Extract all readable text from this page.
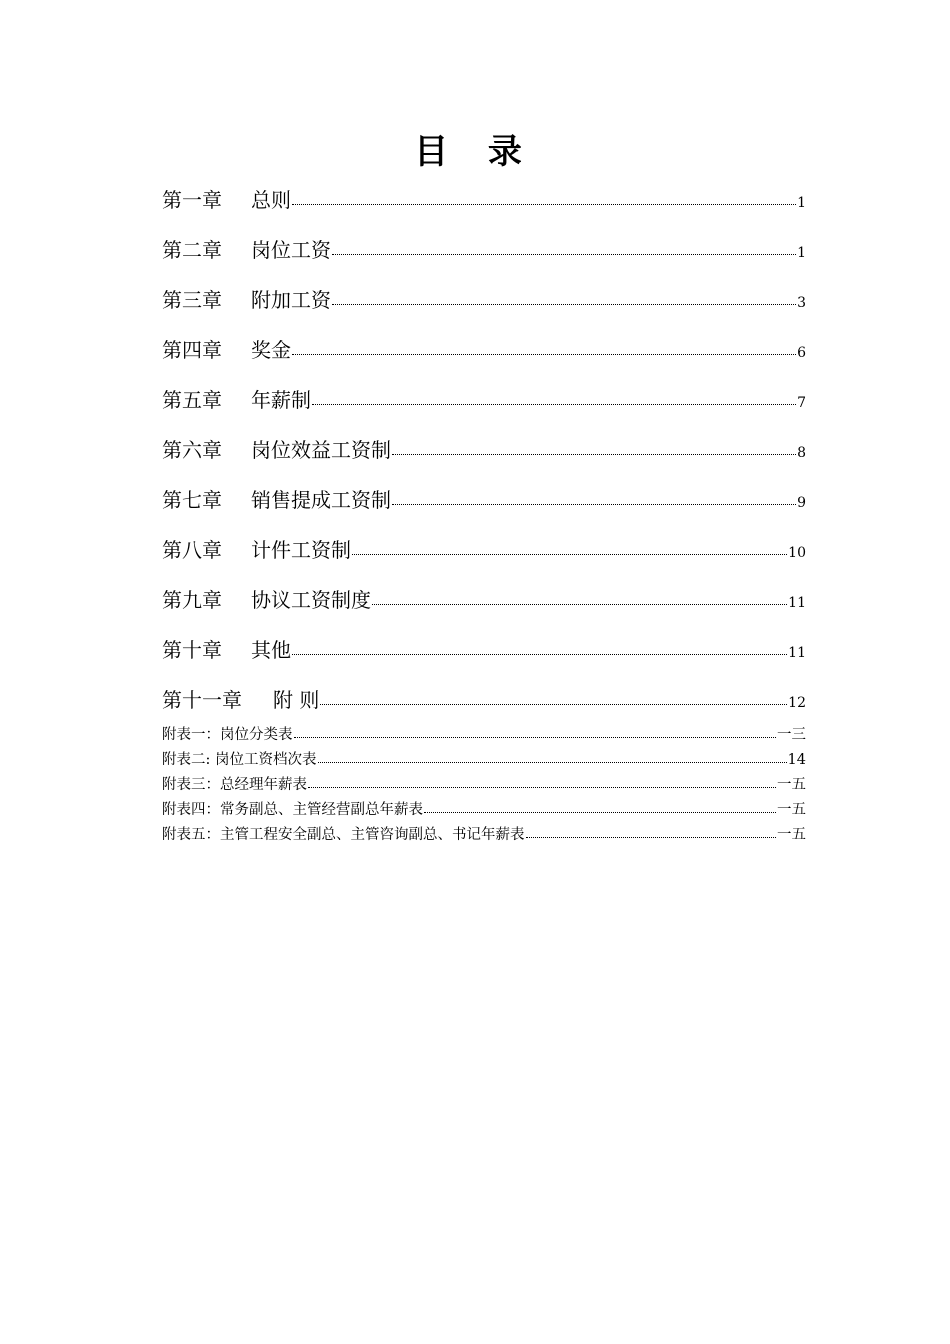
目 录
第一章	总则	1
第二章	岗位工资	1
第三章	附加工资	3
第四章	奖金	6
第五章	年薪制	7
第六章	岗位效益工资制	8
第七章	销售提成工资制	9
第八章	计件工资制	10
第九章	协议工资制度	11
第十章	其他	11
第十一章	附 则	12
附表一：岗位分类表	一三
附表二: 岗位工资档次表	14
附表三：总经理年薪表	一五
附表四：常务副总、主管经营副总年薪表	一五
附表五：主管工程安全副总、主管咨询副总、书记年薪表	一五
